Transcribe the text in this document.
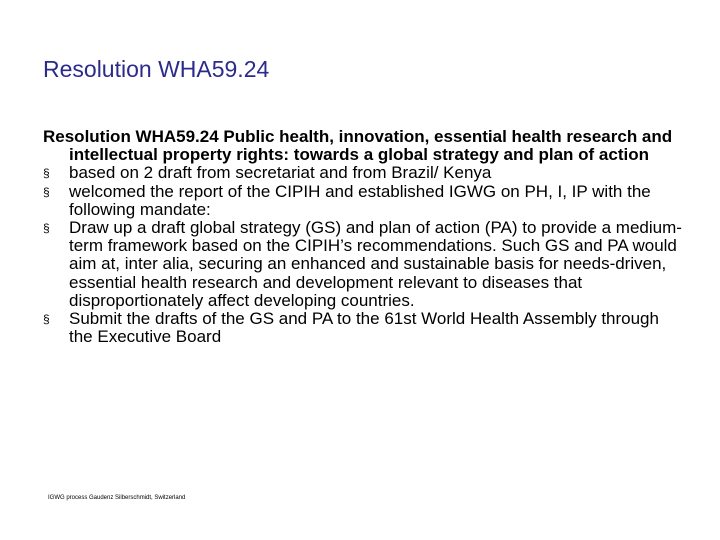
Resolution WHA59.24

Resolution WHA59.24 Public health, innovation, essential health research and intellectual property rights: towards a global strategy and plan of action

§ based on 2 draft from secretariat and from Brazil/ Kenya
§ welcomed the report of the CIPIH and established IGWG on PH, I, IP with the following mandate:
§ Draw up a draft global strategy (GS) and plan of action (PA) to provide a medium-term framework based on the CIPIH’s recommendations. Such GS and PA would aim at, inter alia, securing an enhanced and sustainable basis for needs-driven, essential health research and development relevant to diseases that disproportionately affect developing countries.
§ Submit the drafts of the GS and PA to the 61st World Health Assembly through the Executive Board
IGWG process Gaudenz Silberschmidt, Switzerland
